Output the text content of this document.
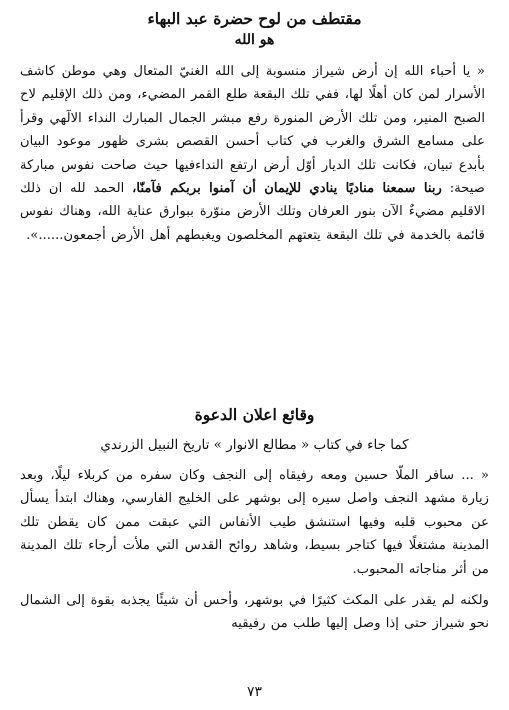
مقتطف من لوح حضرة عبد البهاء
هو الله

« يا أحباء الله إن أرض شيراز منسوبة إلى الله الغنيّ المتعال وهي موطن كاشف الأسرار لمن كان أهلًا لها، ففي تلك البقعة طلع القمر المضيء، ومن ذلك الإقليم لاح الصبح المنير، ومن تلك الأرض المنورة رفع مبشر الجمال المبارك النداء الالٓهي وقرأ على مسامع الشرق والغرب في كتاب أحسن القصص بشرى ظهور موعود البيان بأبدع تبيان، فكانت تلك الديار أوّل أرض ارتفع النداءفيها حيث صاحت نفوس مباركة صيحة: ربنا سمعنا مناديًا ينادي للإيمان أن آمنوا بربكم فآمنّا، الحمد لله ان ذلك الاقليم مضيءٌ الآن بنور العرفان وتلك الأرض منوّرة ببوارق عناية الله، وهناك نفوس قائمة بالخدمة في تلك البقعة يتعتهم المخلصون ويغبطهم أهل الأرض أجمعون......».

وقائع اعلان الدعوة

كما جاء في كتاب « مطالع الانوار » تاريخ النبيل الزرندي

« ... سافر الملّا حسين ومعه رفيقاه إلى النجف وكان سفره من كربلاء ليلًا، وبعد زيارة مشهد النجف واصل سيره إلى بوشهر على الخليج الفارسي، وهناك ابتدأ يسأل عن محبوب قلبه وفيها استنشق طيب الأنفاس التي عبقت ممن كان يقطن تلك المدينة مشتغلًا فيها كتاجر بسيط، وشاهد روائح القدس التي ملأت أرجاء تلك المدينة من أثر مناجاته المحبوب.

ولكنه لم يقدر على المكث كثيرًا في بوشهر، وأحس أن شيئًا يجذبه بقوة إلى الشمال نحو شيراز حتى إذا وصل إليها طلب من رفيقيه

٧٣
